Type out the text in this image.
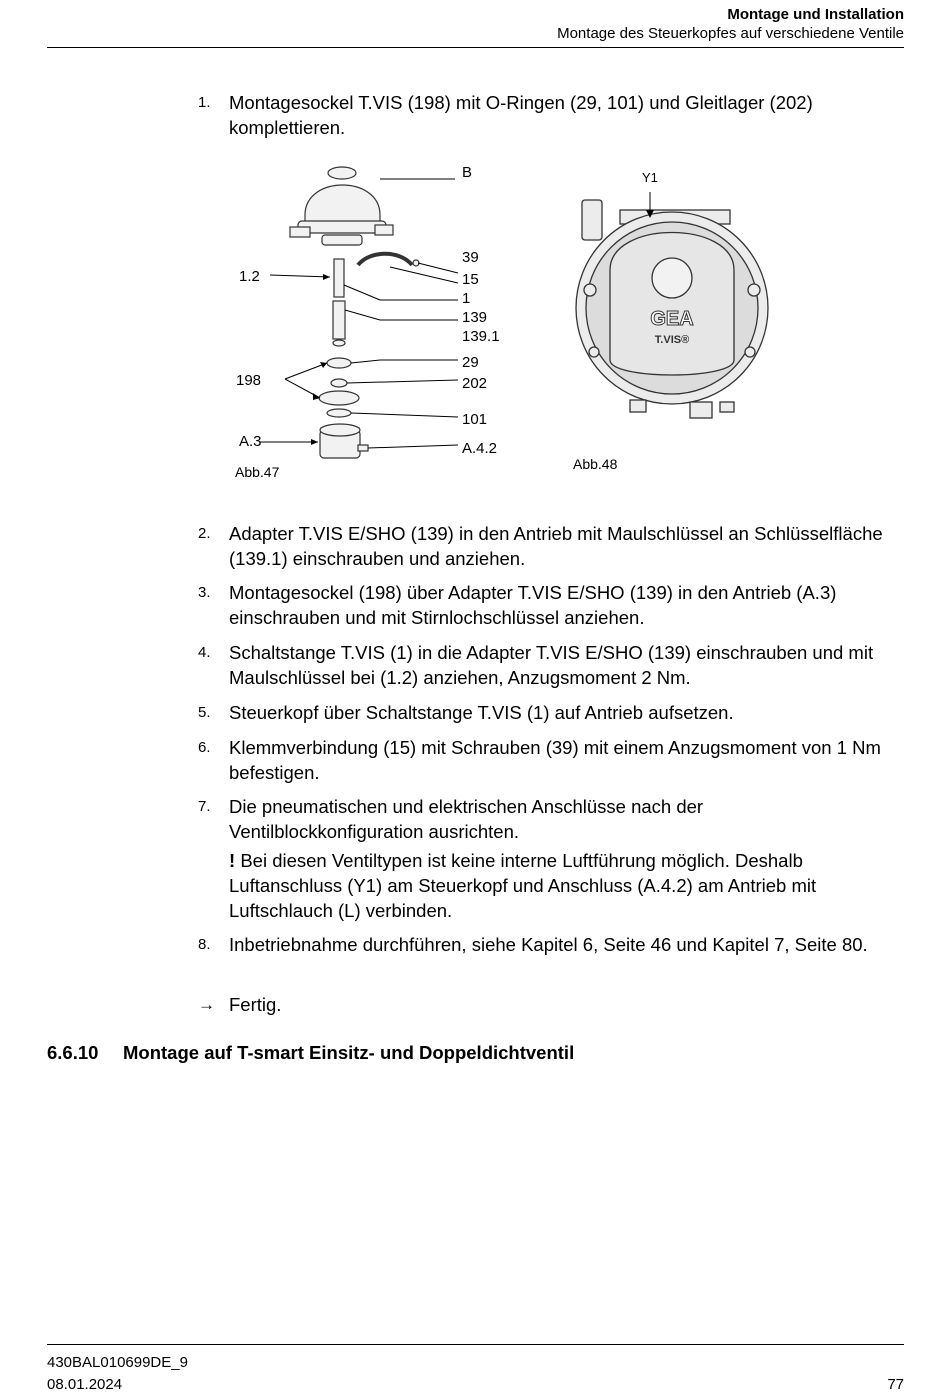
Montage und Installation
Montage des Steuerkopfes auf verschiedene Ventile
1. Montagesockel T.VIS (198) mit O-Ringen (29, 101) und Gleitlager (202) komplettieren.
B
39
15
1
139
139.1
29
202
101
A.4.2
1.2
198
A.3
Abb.47
GEA
T.VIS®
Y1
Abb.48
2. Adapter T.VIS E/SHO (139) in den Antrieb mit Maulschlüssel an Schlüsselfläche (139.1) einschrauben und anziehen.
3. Montagesockel (198) über Adapter T.VIS E/SHO (139) in den Antrieb (A.3) einschrauben und mit Stirnlochschlüssel anziehen.
4. Schaltstange T.VIS (1) in die Adapter T.VIS E/SHO (139) einschrauben und mit Maulschlüssel bei (1.2) anziehen, Anzugsmoment 2 Nm.
5. Steuerkopf über Schaltstange T.VIS (1) auf Antrieb aufsetzen.
6. Klemmverbindung (15) mit Schrauben (39) mit einem Anzugsmoment von 1 Nm befestigen.
7. Die pneumatischen und elektrischen Anschlüsse nach der Ventilblockkonfiguration ausrichten.
! Bei diesen Ventiltypen ist keine interne Luftführung möglich. Deshalb Luftanschluss (Y1) am Steuerkopf und Anschluss (A.4.2) am Antrieb mit Luftschlauch (L) verbinden.
8. Inbetriebnahme durchführen, siehe Kapitel 6, Seite 46 und Kapitel 7, Seite 80.
→ Fertig.
6.6.10 Montage auf T-smart Einsitz- und Doppeldichtventil
430BAL010699DE_9
08.01.2024	77
